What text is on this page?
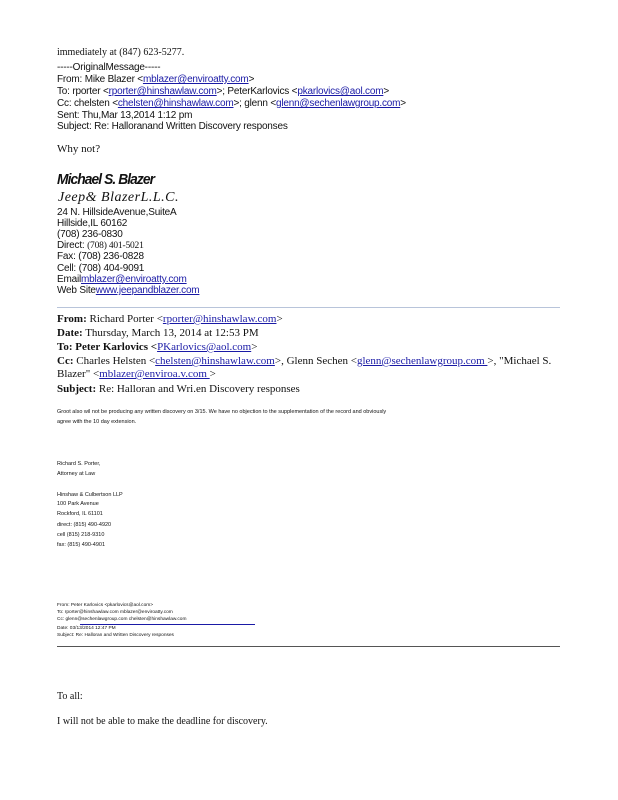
immediately at (847) 623-5277.
-----OriginalMessage-----
From: Mike Blazer <mblazer@enviroatty.com>
To: rporter <rporter@hinshawlaw.com>; PeterKarlovics <pkarlovics@aol.com>
Cc: chelsten <chelsten@hinshawlaw.com>; glenn <glenn@sechenlawgroup.com>
Sent: Thu,Mar 13,2014 1:12 pm
Subject: Re: Halloranand Written Discovery responses
Why not?
Michael S. Blazer
Jeep& BlazerL.L.C.
24 N. HillsideAvenue,SuiteA
Hillside,IL 60162
(708) 236-0830
Direct: (708) 401-5021
Fax: (708) 236-0828
Cell: (708) 404-9091
Emailmblazer@enviroatty.com
Web Sitewww.jeepandblazer.com
From: Richard Porter <rporter@hinshawlaw.com>
Date: Thursday, March 13, 2014 at 12:53 PM
To: Peter Karlovics <PKarlovics@aol.com>
Cc: Charles Helsten <chelsten@hinshawlaw.com>, Glenn Sechen <glenn@sechenlawgroup.com >, "Michael S.
Blazer" <mblazer@enviroa.v.com >
Subject: Re: Halloran and Wri.en Discovery responses
Groot also wil not be producing any written discovery on 3/15. We have no objection to the supplementation of the record and obviously
agree with the 10 day extension.
Richard S. Porter,
Attorney at Law
Hinshaw & Culbertson LLP
100 Park Avenue
Rockford, IL 61101
direct: (815) 490-4920
cell (815) 218-9310
fax: (815) 490-4901
From: Peter Karlovics <pkarlovics@aol.com>
To: rporter@hinshawlaw.com mblazer@enviroatty.com
Cc: glenn@sechenlawgroup.com chelsten@hinshawlaw.com
Date: 03/13/2014 12:47 PM
Subject: Re: Halloran and Written Discovery responses
To all:
I will not be able to make the deadline for discovery.
